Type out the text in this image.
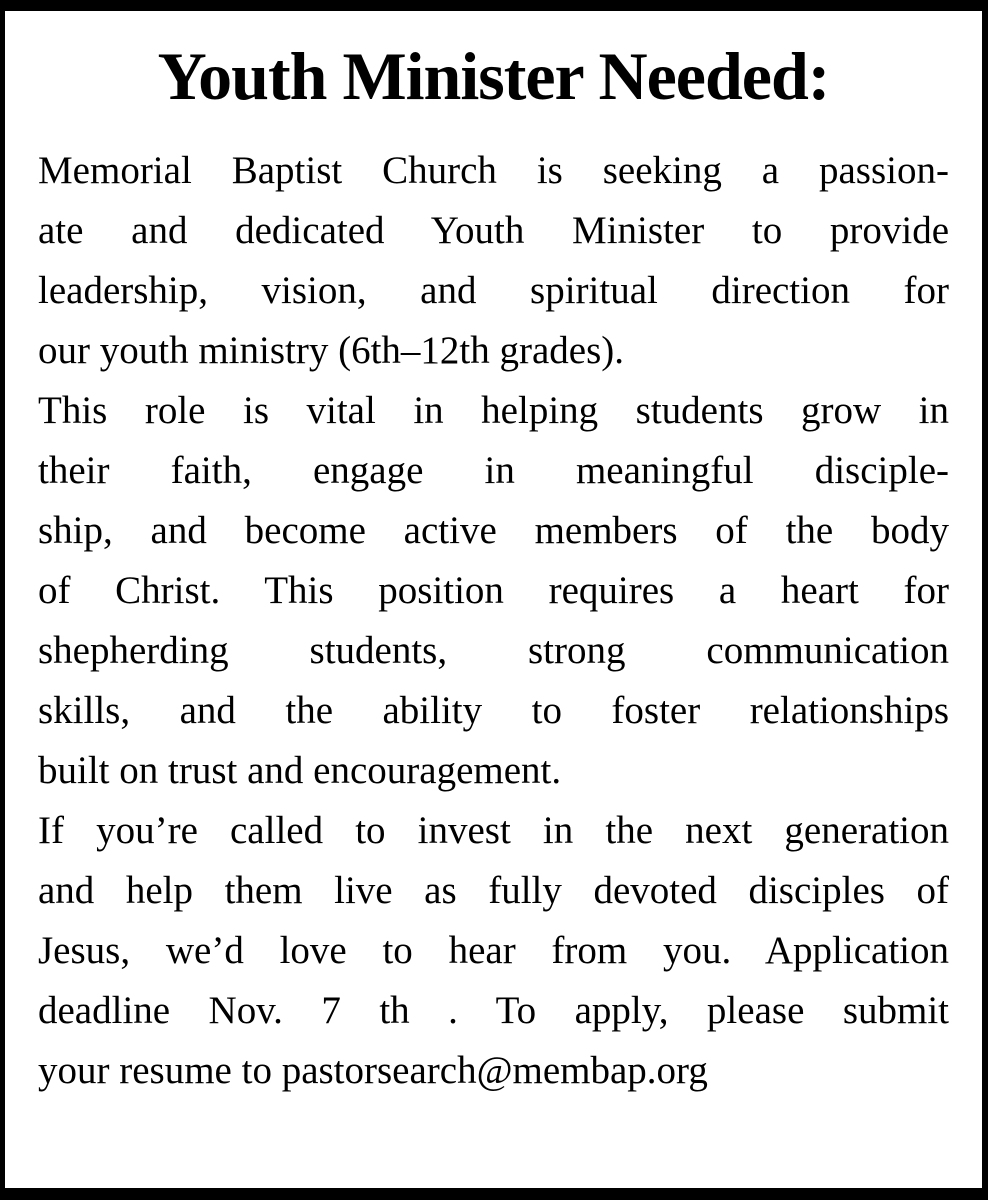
Youth Minister Needed:
Memorial Baptist Church is seeking a passion-
ate and dedicated Youth Minister to provide
leadership, vision, and spiritual direction for
our youth ministry (6th–12th grades).
This role is vital in helping students grow in
their faith, engage in meaningful disciple-
ship, and become active members of the body
of Christ. This position requires a heart for
shepherding students, strong communication
skills, and the ability to foster relationships
built on trust and encouragement.
If you’re called to invest in the next generation
and help them live as fully devoted disciples of
Jesus, we’d love to hear from you. Application
deadline Nov. 7 th . To apply, please submit
your resume to pastorsearch@membap.org
